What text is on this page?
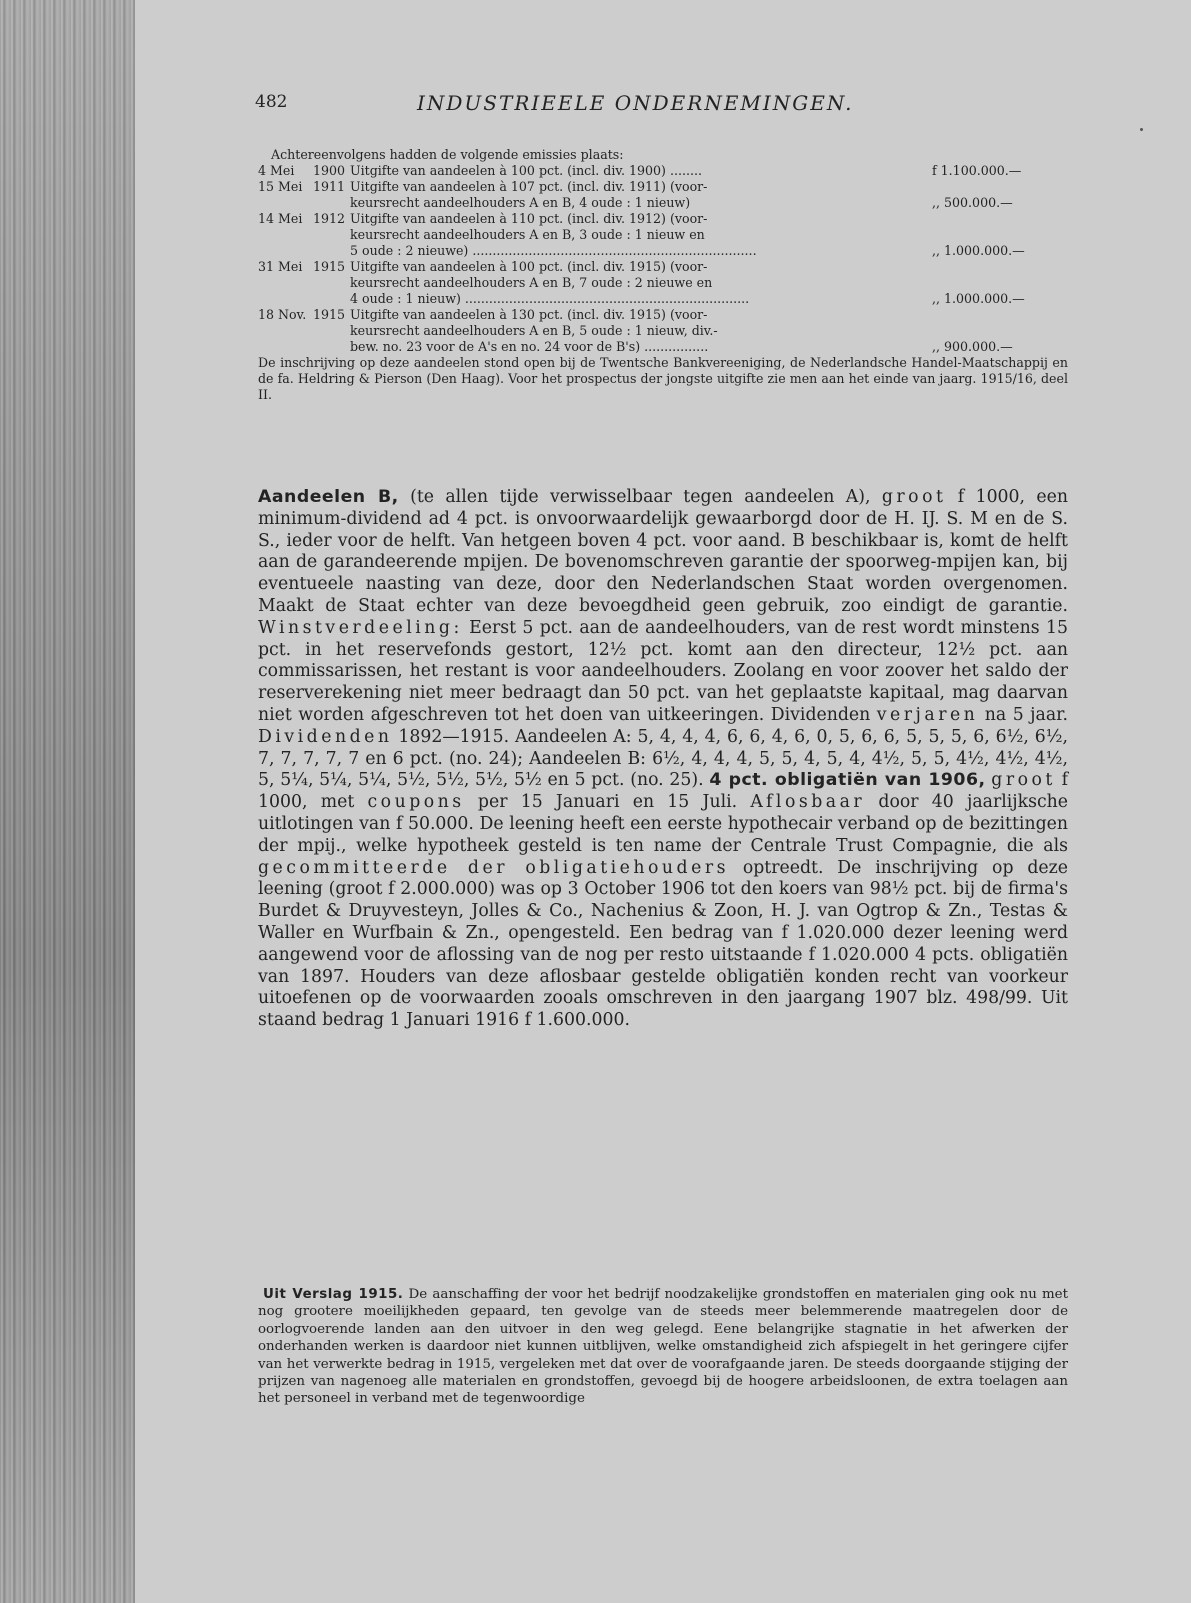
482	INDUSTRIEELE ONDERNEMINGEN.

Achtereenvolgens hadden de volgende emissies plaats:

4 Mei 1900 Uitgifte van aandeelen à 100 pct. (incl. div. 1900) ........	f 1.100.000.—
15 Mei 1911 Uitgifte van aandeelen à 107 pct. (incl. div. 1911) (voor-
keursrecht aandeelhouders A en B, 4 oude : 1 nieuw)	,, 500.000.—
14 Mei 1912 Uitgifte van aandeelen à 110 pct. (incl. div. 1912) (voor-
keursrecht aandeelhouders A en B, 3 oude : 1 nieuw en
5 oude : 2 nieuwe) .......................................................................	,, 1.000.000.—
31 Mei 1915 Uitgifte van aandeelen à 100 pct. (incl. div. 1915) (voor-
keursrecht aandeelhouders A en B, 7 oude : 2 nieuwe en
4 oude : 1 nieuw) .......................................................................	,, 1.000.000.—
18 Nov. 1915 Uitgifte van aandeelen à 130 pct. (incl. div. 1915) (voor-
keursrecht aandeelhouders A en B, 5 oude : 1 nieuw, div.-
bew. no. 23 voor de A's en no. 24 voor de B's) ................	,, 900.000.—

De inschrijving op deze aandeelen stond open bij de Twentsche Bankvereeniging, de Nederlandsche Handel-Maatschappij en de fa. Heldring & Pierson (Den Haag). Voor het prospectus der jongste uitgifte zie men aan het einde van jaarg. 1915/16, deel II.

Aandeelen B, (te allen tijde verwisselbaar tegen aandeelen A), groot f 1000, een minimum-dividend ad 4 pct. is onvoorwaardelijk gewaarborgd door de H. IJ. S. M en de S. S., ieder voor de helft. Van hetgeen boven 4 pct. voor aand. B beschikbaar is, komt de helft aan de garandeerende mpijen. De bovenomschreven garantie der spoorweg-mpijen kan, bij eventueele naasting van deze, door den Nederlandschen Staat worden overgenomen. Maakt de Staat echter van deze bevoegdheid geen gebruik, zoo eindigt de garantie. Winstverdeeling: Eerst 5 pct. aan de aandeelhouders, van de rest wordt minstens 15 pct. in het reservefonds gestort, 12½ pct. komt aan den directeur, 12½ pct. aan commissarissen, het restant is voor aandeelhouders. Zoolang en voor zoover het saldo der reserverekening niet meer bedraagt dan 50 pct. van het geplaatste kapitaal, mag daarvan niet worden afgeschreven tot het doen van uitkeeringen. Dividenden verjaren na 5 jaar. Dividenden 1892—1915. Aandeelen A: 5, 4, 4, 4, 6, 6, 4, 6, 0, 5, 6, 6, 5, 5, 5, 6, 6½, 6½, 7, 7, 7, 7, 7 en 6 pct. (no. 24); Aandeelen B: 6½, 4, 4, 4, 5, 5, 4, 5, 4, 4½, 5, 5, 4½, 4½, 4½, 5, 5¼, 5¼, 5¼, 5½, 5½, 5½, 5½ en 5 pct. (no. 25). 4 pct. obligatiën van 1906, groot f 1000, met coupons per 15 Januari en 15 Juli. Aflosbaar door 40 jaarlijksche uitlotingen van f 50.000. De leening heeft een eerste hypothecair verband op de bezittingen der mpij., welke hypotheek gesteld is ten name der Centrale Trust Compagnie, die als gecommitteerde der obligatiehouders optreedt. De inschrijving op deze leening (groot f 2.000.000) was op 3 October 1906 tot den koers van 98½ pct. bij de firma's Burdet & Druyvesteyn, Jolles & Co., Nachenius & Zoon, H. J. van Ogtrop & Zn., Testas & Waller en Wurfbain & Zn., opengesteld. Een bedrag van f 1.020.000 dezer leening werd aangewend voor de aflossing van de nog per resto uitstaande f 1.020.000 4 pcts. obligatiën van 1897. Houders van deze aflosbaar gestelde obligatiën konden recht van voorkeur uitoefenen op de voorwaarden zooals omschreven in den jaargang 1907 blz. 498/99. Uit staand bedrag 1 Januari 1916 f 1.600.000.

Uit Verslag 1915. De aanschaffing der voor het bedrijf noodzakelijke grondstoffen en materialen ging ook nu met nog grootere moeilijkheden gepaard, ten gevolge van de steeds meer belemmerende maatregelen door de oorlogvoerende landen aan den uitvoer in den weg gelegd. Eene belangrijke stagnatie in het afwerken der onderhanden werken is daardoor niet kunnen uitblijven, welke omstandigheid zich afspiegelt in het geringere cijfer van het verwerkte bedrag in 1915, vergeleken met dat over de voorafgaande jaren. De steeds doorgaande stijging der prijzen van nagenoeg alle materialen en grondstoffen, gevoegd bij de hoogere arbeidsloonen, de extra toelagen aan het personeel in verband met de tegenwoordige
